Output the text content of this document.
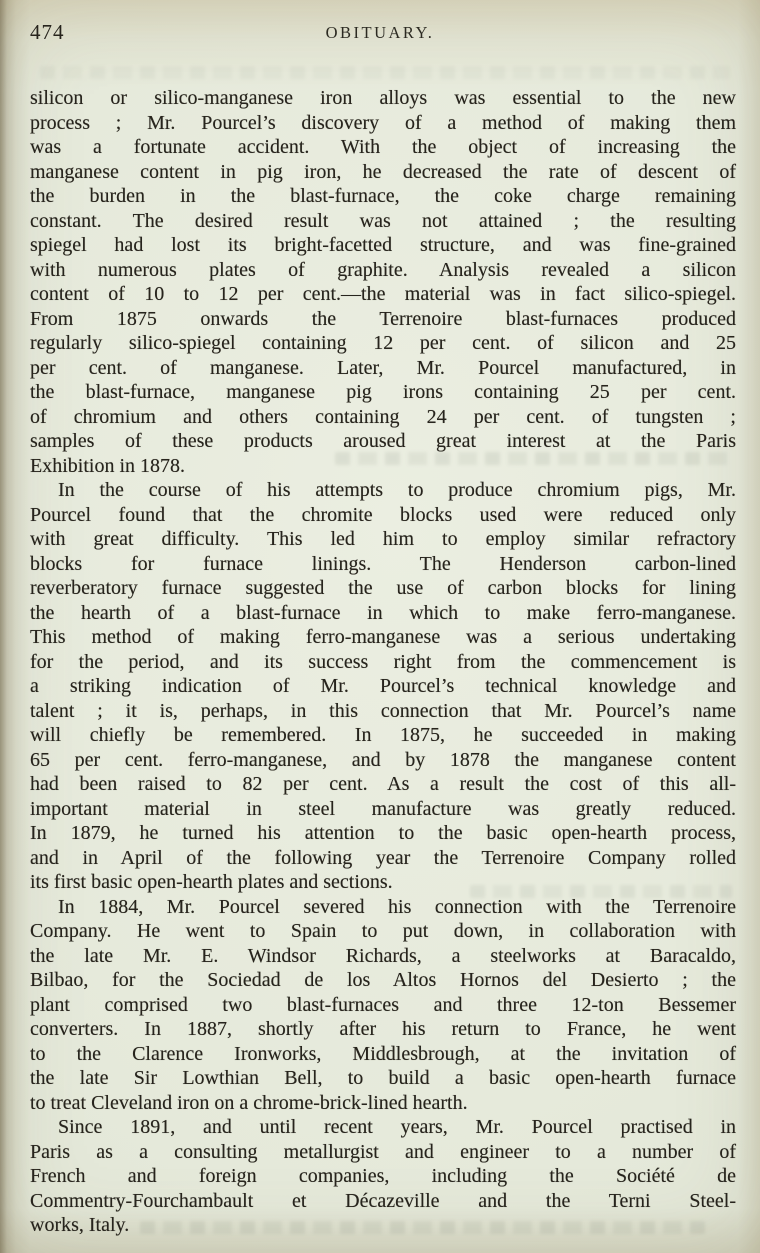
474	OBITUARY.

silicon or silico-manganese iron alloys was essential to the new
process ; Mr. Pourcel’s discovery of a method of making them
was a fortunate accident. With the object of increasing the
manganese content in pig iron, he decreased the rate of descent of
the burden in the blast-furnace, the coke charge remaining
constant. The desired result was not attained ; the resulting
spiegel had lost its bright-facetted structure, and was fine-grained
with numerous plates of graphite. Analysis revealed a silicon
content of 10 to 12 per cent.—the material was in fact silico-spiegel.
From 1875 onwards the Terrenoire blast-furnaces produced
regularly silico-spiegel containing 12 per cent. of silicon and 25
per cent. of manganese. Later, Mr. Pourcel manufactured, in
the blast-furnace, manganese pig irons containing 25 per cent.
of chromium and others containing 24 per cent. of tungsten ;
samples of these products aroused great interest at the Paris
Exhibition in 1878.

In the course of his attempts to produce chromium pigs, Mr.
Pourcel found that the chromite blocks used were reduced only
with great difficulty. This led him to employ similar refractory
blocks for furnace linings. The Henderson carbon-lined
reverberatory furnace suggested the use of carbon blocks for lining
the hearth of a blast-furnace in which to make ferro-manganese.
This method of making ferro-manganese was a serious undertaking
for the period, and its success right from the commencement is
a striking indication of Mr. Pourcel’s technical knowledge and
talent ; it is, perhaps, in this connection that Mr. Pourcel’s name
will chiefly be remembered. In 1875, he succeeded in making
65 per cent. ferro-manganese, and by 1878 the manganese content
had been raised to 82 per cent. As a result the cost of this all-
important material in steel manufacture was greatly reduced.
In 1879, he turned his attention to the basic open-hearth process,
and in April of the following year the Terrenoire Company rolled
its first basic open-hearth plates and sections.

In 1884, Mr. Pourcel severed his connection with the Terrenoire
Company. He went to Spain to put down, in collaboration with
the late Mr. E. Windsor Richards, a steelworks at Baracaldo,
Bilbao, for the Sociedad de los Altos Hornos del Desierto ; the
plant comprised two blast-furnaces and three 12-ton Bessemer
converters. In 1887, shortly after his return to France, he went
to the Clarence Ironworks, Middlesbrough, at the invitation of
the late Sir Lowthian Bell, to build a basic open-hearth furnace
to treat Cleveland iron on a chrome-brick-lined hearth.

Since 1891, and until recent years, Mr. Pourcel practised in
Paris as a consulting metallurgist and engineer to a number of
French and foreign companies, including the Société de
Commentry-Fourchambault et Décazeville and the Terni Steel-
works, Italy.
